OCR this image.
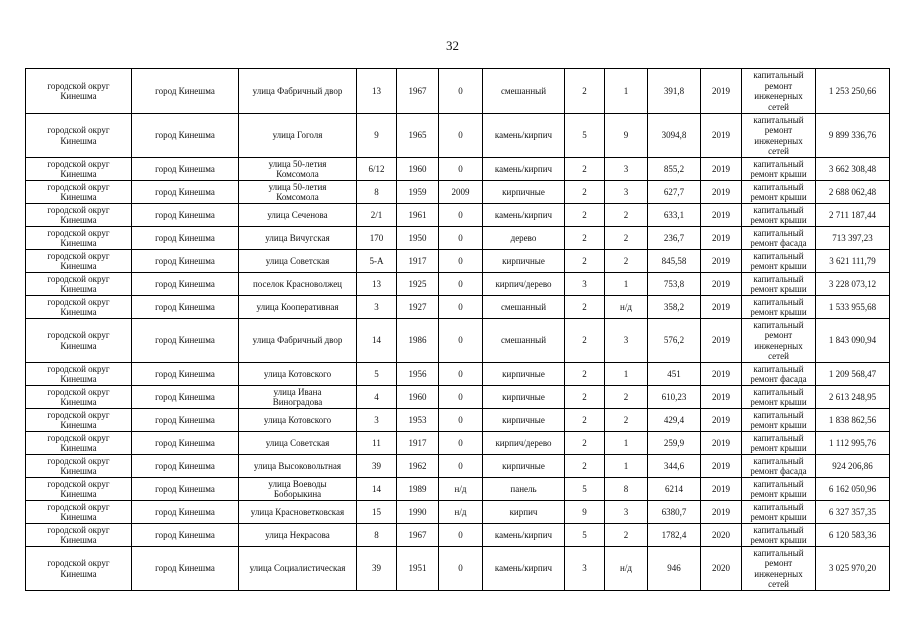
32
городской округ Кинешма	город Кинешма	улица Фабричный двор	13	1967	0	смешанный	2	1	391,8	2019	капитальный ремонт инженерных сетей	1 253 250,66
городской округ Кинешма	город Кинешма	улица Гоголя	9	1965	0	камень/кирпич	5	9	3094,8	2019	капитальный ремонт инженерных сетей	9 899 336,76
городской округ Кинешма	город Кинешма	улица 50-летия Комсомола	6/12	1960	0	камень/кирпич	2	3	855,2	2019	капитальный ремонт крыши	3 662 308,48
городской округ Кинешма	город Кинешма	улица 50-летия Комсомола	8	1959	2009	кирпичные	2	3	627,7	2019	капитальный ремонт крыши	2 688 062,48
городской округ Кинешма	город Кинешма	улица Сеченова	2/1	1961	0	камень/кирпич	2	2	633,1	2019	капитальный ремонт крыши	2 711 187,44
городской округ Кинешма	город Кинешма	улица Вичугская	170	1950	0	дерево	2	2	236,7	2019	капитальный ремонт фасада	713 397,23
городской округ Кинешма	город Кинешма	улица Советская	5-А	1917	0	кирпичные	2	2	845,58	2019	капитальный ремонт крыши	3 621 111,79
городской округ Кинешма	город Кинешма	поселок Красноволжец	13	1925	0	кирпич/дерево	3	1	753,8	2019	капитальный ремонт крыши	3 228 073,12
городской округ Кинешма	город Кинешма	улица Кооперативная	3	1927	0	смешанный	2	н/д	358,2	2019	капитальный ремонт крыши	1 533 955,68
городской округ Кинешма	город Кинешма	улица Фабричный двор	14	1986	0	смешанный	2	3	576,2	2019	капитальный ремонт инженерных сетей	1 843 090,94
городской округ Кинешма	город Кинешма	улица Котовского	5	1956	0	кирпичные	2	1	451	2019	капитальный ремонт фасада	1 209 568,47
городской округ Кинешма	город Кинешма	улица Ивана Виноградова	4	1960	0	кирпичные	2	2	610,23	2019	капитальный ремонт крыши	2 613 248,95
городской округ Кинешма	город Кинешма	улица Котовского	3	1953	0	кирпичные	2	2	429,4	2019	капитальный ремонт крыши	1 838 862,56
городской округ Кинешма	город Кинешма	улица Советская	11	1917	0	кирпич/дерево	2	1	259,9	2019	капитальный ремонт крыши	1 112 995,76
городской округ Кинешма	город Кинешма	улица Высоковольтная	39	1962	0	кирпичные	2	1	344,6	2019	капитальный ремонт фасада	924 206,86
городской округ Кинешма	город Кинешма	улица Воеводы Боборыкина	14	1989	н/д	панель	5	8	6214	2019	капитальный ремонт крыши	6 162 050,96
городской округ Кинешма	город Кинешма	улица Красноветковская	15	1990	н/д	кирпич	9	3	6380,7	2019	капитальный ремонт крыши	6 327 357,35
городской округ Кинешма	город Кинешма	улица Некрасова	8	1967	0	камень/кирпич	5	2	1782,4	2020	капитальный ремонт крыши	6 120 583,36
городской округ Кинешма	город Кинешма	улица Социалистическая	39	1951	0	камень/кирпич	3	н/д	946	2020	капитальный ремонт инженерных сетей	3 025 970,20
